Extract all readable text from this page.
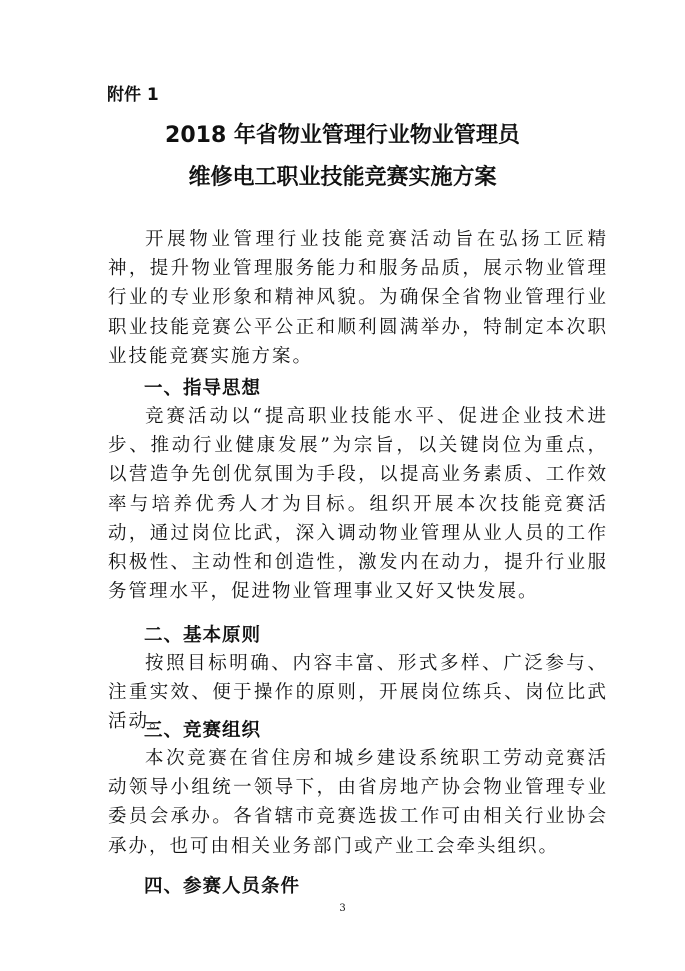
附件 1
2018 年省物业管理行业物业管理员
维修电工职业技能竞赛实施方案

开展物业管理行业技能竞赛活动旨在弘扬工匠精神，提升物业管理服务能力和服务品质，展示物业管理行业的专业形象和精神风貌。为确保全省物业管理行业职业技能竞赛公平公正和顺利圆满举办，特制定本次职业技能竞赛实施方案。

一、指导思想

竞赛活动以“提高职业技能水平、促进企业技术进步、推动行业健康发展”为宗旨，以关键岗位为重点，以营造争先创优氛围为手段，以提高业务素质、工作效率与培养优秀人才为目标。组织开展本次技能竞赛活动，通过岗位比武，深入调动物业管理从业人员的工作积极性、主动性和创造性，激发内在动力，提升行业服务管理水平，促进物业管理事业又好又快发展。

二、基本原则

按照目标明确、内容丰富、形式多样、广泛参与、注重实效、便于操作的原则，开展岗位练兵、岗位比武活动。

三、竞赛组织

本次竞赛在省住房和城乡建设系统职工劳动竞赛活动领导小组统一领导下，由省房地产协会物业管理专业委员会承办。各省辖市竞赛选拔工作可由相关行业协会承办，也可由相关业务部门或产业工会牵头组织。

四、参赛人员条件
3
